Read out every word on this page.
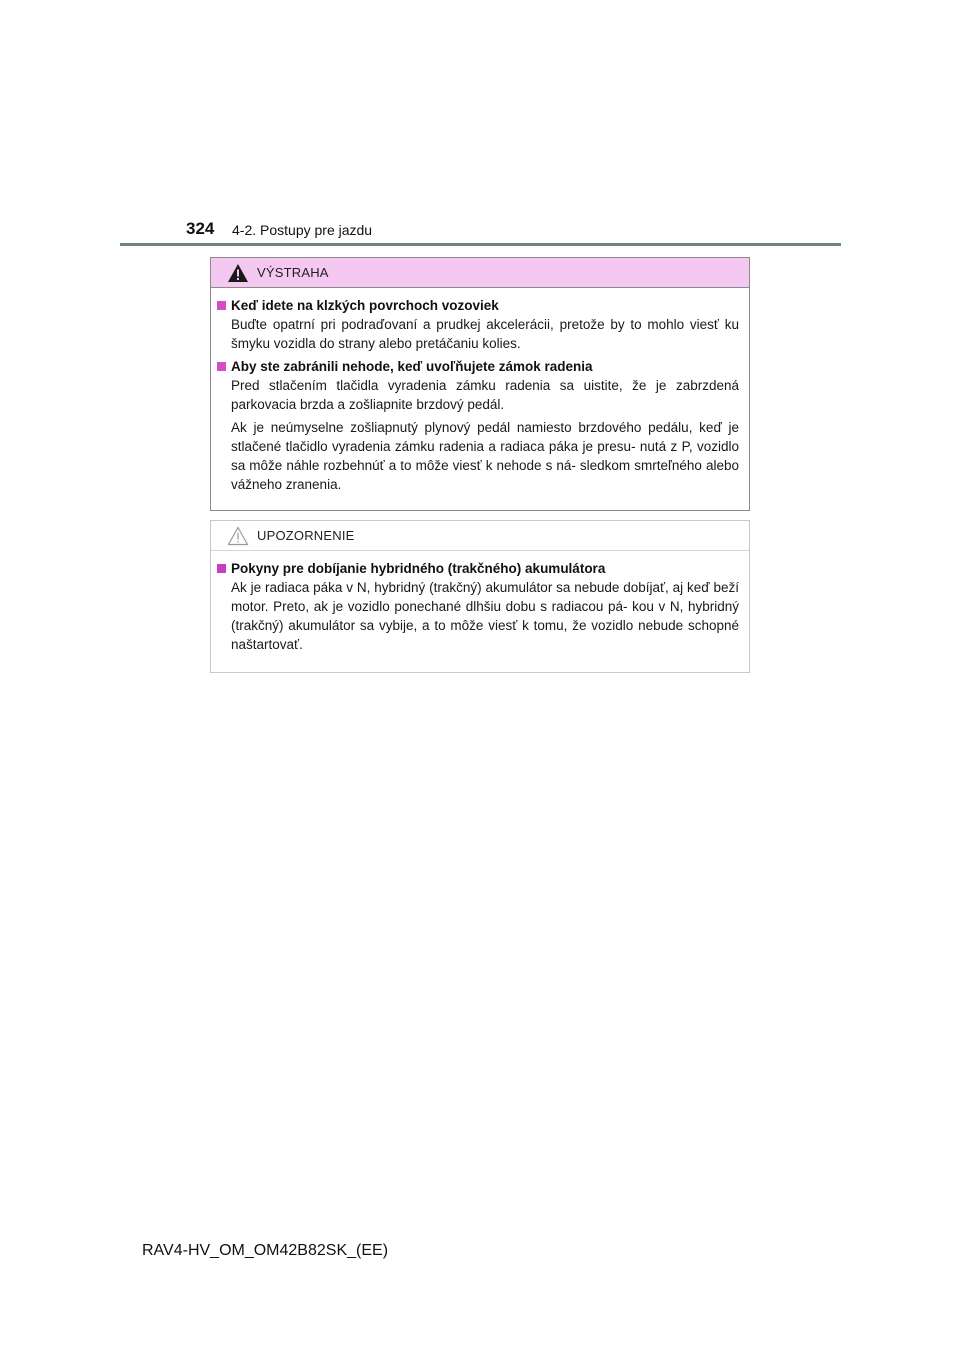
324 4-2. Postupy pre jazdu
VÝSTRAHA
Keď idete na klzkých povrchoch vozoviek

Buďte opatrní pri podraďovaní a prudkej akcelerácii, pretože by to mohlo viesť ku šmyku vozidla do strany alebo pretáčaniu kolies.

Aby ste zabránili nehode, keď uvoľňujete zámok radenia

Pred stlačením tlačidla vyradenia zámku radenia sa uistite, že je zabrzdená parkovacia brzda a zošliapnite brzdový pedál.

Ak je neúmyselne zošliapnutý plynový pedál namiesto brzdového pedálu, keď je stlačené tlačidlo vyradenia zámku radenia a radiaca páka je presu- nutá z P, vozidlo sa môže náhle rozbehnúť a to môže viesť k nehode s ná- sledkom smrteľného alebo vážneho zranenia.

UPOZORNENIE
Pokyny pre dobíjanie hybridného (trakčného) akumulátora

Ak je radiaca páka v N, hybridný (trakčný) akumulátor sa nebude dobíjať, aj keď beží motor. Preto, ak je vozidlo ponechané dlhšiu dobu s radiacou pá- kou v N, hybridný (trakčný) akumulátor sa vybije, a to môže viesť k tomu, že vozidlo nebude schopné naštartovať.

RAV4-HV_OM_OM42B82SK_(EE)
